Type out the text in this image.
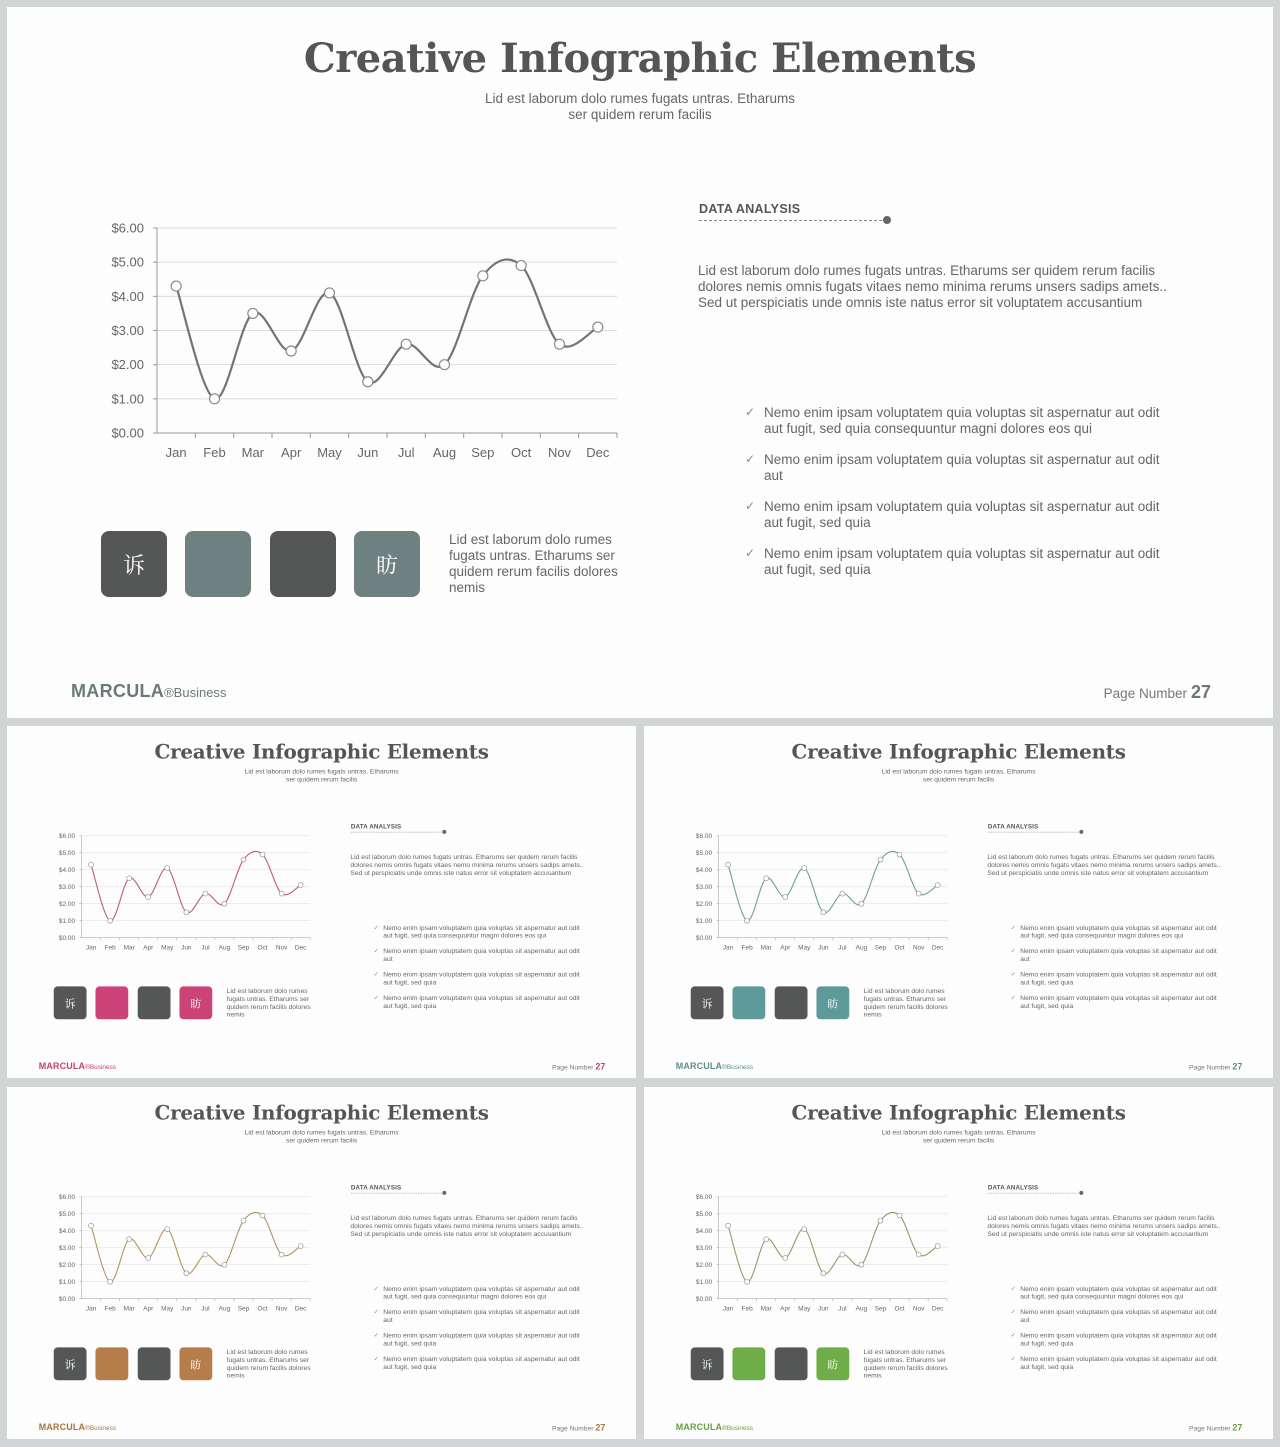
Creative Infographic Elements
Lid est laborum dolo rumes fugats untras. Etharums
ser quidem rerum facilis
$0.00
$1.00
$2.00
$3.00
$4.00
$5.00
$6.00
Jan Feb Mar Apr May Jun Jul Aug Sep Oct Nov Dec
DATA ANALYSIS
Lid est laborum dolo rumes fugats untras. Etharums ser quidem rerum facilis dolores nemis omnis fugats vitaes nemo minima rerums unsers sadips amets.. Sed ut perspiciatis unde omnis iste natus error sit voluptatem accusantium
✓ Nemo enim ipsam voluptatem quia voluptas sit aspernatur aut odit aut fugit, sed quia consequuntur magni dolores eos qui
✓ Nemo enim ipsam voluptatem quia voluptas sit aspernatur aut odit aut
✓ Nemo enim ipsam voluptatem quia voluptas sit aspernatur aut odit aut fugit, sed quia
✓ Nemo enim ipsam voluptatem quia voluptas sit aspernatur aut odit aut fugit, sed quia
诉	眆
Lid est laborum dolo rumes fugats untras. Etharums ser quidem rerum facilis dolores nemis
MARCULA®Business	Page Number 27
Creative Infographic Elements
Lid est laborum dolo rumes fugats untras. Etharums
ser quidem rerum facilis
$0.00
$1.00
$2.00
$3.00
$4.00
$5.00
$6.00
Jan Feb Mar Apr May Jun Jul Aug Sep Oct Nov Dec
DATA ANALYSIS
Lid est laborum dolo rumes fugats untras. Etharums ser quidem rerum facilis dolores nemis omnis fugats vitaes nemo minima rerums unsers sadips amets.. Sed ut perspiciatis unde omnis iste natus error sit voluptatem accusantium
✓ Nemo enim ipsam voluptatem quia voluptas sit aspernatur aut odit aut fugit, sed quia consequuntur magni dolores eos qui
✓ Nemo enim ipsam voluptatem quia voluptas sit aspernatur aut odit aut
✓ Nemo enim ipsam voluptatem quia voluptas sit aspernatur aut odit aut fugit, sed quia
✓ Nemo enim ipsam voluptatem quia voluptas sit aspernatur aut odit aut fugit, sed quia
诉	眆
Lid est laborum dolo rumes fugats untras. Etharums ser quidem rerum facilis dolores nemis
MARCULA®Business	Page Number 27
Creative Infographic Elements
Lid est laborum dolo rumes fugats untras. Etharums
ser quidem rerum facilis
$0.00
$1.00
$2.00
$3.00
$4.00
$5.00
$6.00
Jan Feb Mar Apr May Jun Jul Aug Sep Oct Nov Dec
DATA ANALYSIS
Lid est laborum dolo rumes fugats untras. Etharums ser quidem rerum facilis dolores nemis omnis fugats vitaes nemo minima rerums unsers sadips amets.. Sed ut perspiciatis unde omnis iste natus error sit voluptatem accusantium
✓ Nemo enim ipsam voluptatem quia voluptas sit aspernatur aut odit aut fugit, sed quia consequuntur magni dolores eos qui
✓ Nemo enim ipsam voluptatem quia voluptas sit aspernatur aut odit aut
✓ Nemo enim ipsam voluptatem quia voluptas sit aspernatur aut odit aut fugit, sed quia
✓ Nemo enim ipsam voluptatem quia voluptas sit aspernatur aut odit aut fugit, sed quia
诉	眆
Lid est laborum dolo rumes fugats untras. Etharums ser quidem rerum facilis dolores nemis
MARCULA®Business	Page Number 27
Creative Infographic Elements
Lid est laborum dolo rumes fugats untras. Etharums
ser quidem rerum facilis
$0.00
$1.00
$2.00
$3.00
$4.00
$5.00
$6.00
Jan Feb Mar Apr May Jun Jul Aug Sep Oct Nov Dec
DATA ANALYSIS
Lid est laborum dolo rumes fugats untras. Etharums ser quidem rerum facilis dolores nemis omnis fugats vitaes nemo minima rerums unsers sadips amets.. Sed ut perspiciatis unde omnis iste natus error sit voluptatem accusantium
✓ Nemo enim ipsam voluptatem quia voluptas sit aspernatur aut odit aut fugit, sed quia consequuntur magni dolores eos qui
✓ Nemo enim ipsam voluptatem quia voluptas sit aspernatur aut odit aut
✓ Nemo enim ipsam voluptatem quia voluptas sit aspernatur aut odit aut fugit, sed quia
✓ Nemo enim ipsam voluptatem quia voluptas sit aspernatur aut odit aut fugit, sed quia
诉	眆
Lid est laborum dolo rumes fugats untras. Etharums ser quidem rerum facilis dolores nemis
MARCULA®Business	Page Number 27
Creative Infographic Elements
Lid est laborum dolo rumes fugats untras. Etharums
ser quidem rerum facilis
$0.00
$1.00
$2.00
$3.00
$4.00
$5.00
$6.00
Jan Feb Mar Apr May Jun Jul Aug Sep Oct Nov Dec
DATA ANALYSIS
Lid est laborum dolo rumes fugats untras. Etharums ser quidem rerum facilis dolores nemis omnis fugats vitaes nemo minima rerums unsers sadips amets.. Sed ut perspiciatis unde omnis iste natus error sit voluptatem accusantium
✓ Nemo enim ipsam voluptatem quia voluptas sit aspernatur aut odit aut fugit, sed quia consequuntur magni dolores eos qui
✓ Nemo enim ipsam voluptatem quia voluptas sit aspernatur aut odit aut
✓ Nemo enim ipsam voluptatem quia voluptas sit aspernatur aut odit aut fugit, sed quia
✓ Nemo enim ipsam voluptatem quia voluptas sit aspernatur aut odit aut fugit, sed quia
诉	眆
Lid est laborum dolo rumes fugats untras. Etharums ser quidem rerum facilis dolores nemis
MARCULA®Business	Page Number 27
